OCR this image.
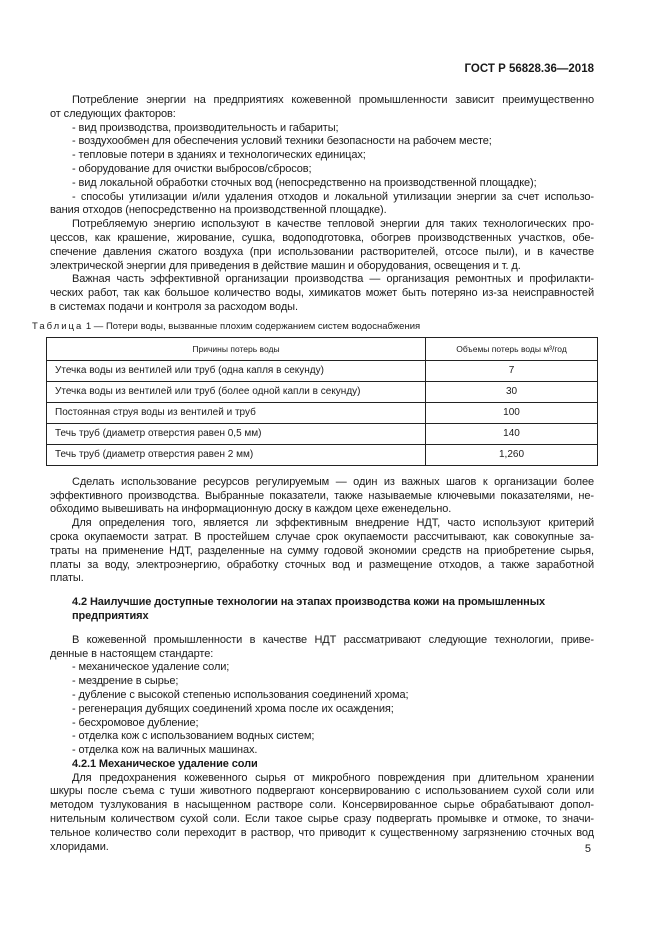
ГОСТ Р 56828.36—2018
Потребление энергии на предприятиях кожевенной промышленности зависит преимущественно
от следующих факторов:
- вид производства, производительность и габариты;
- воздухообмен для обеспечения условий техники безопасности на рабочем месте;
- тепловые потери в зданиях и технологических единицах;
- оборудование для очистки выбросов/сбросов;
- вид локальной обработки сточных вод (непосредственно на производственной площадке);
- способы утилизации и/или удаления отходов и локальной утилизации энергии за счет использо-
вания отходов (непосредственно на производственной площадке).
Потребляемую энергию используют в качестве тепловой энергии для таких технологических про-
цессов, как крашение, жирование, сушка, водоподготовка, обогрев производственных участков, обе-
спечение давления сжатого воздуха (при использовании растворителей, отсосе пыли), и в качестве
электрической энергии для приведения в действие машин и оборудования, освещения и т. д.
Важная часть эффективной организации производства — организация ремонтных и профилакти-
ческих работ, так как большое количество воды, химикатов может быть потеряно из-за неисправностей
в системах подачи и контроля за расходом воды.
Таблица 1 — Потери воды, вызванные плохим содержанием систем водоснабжения
Причины потерь воды	Объемы потерь воды м³/год
Утечка воды из вентилей или труб (одна капля в секунду)	7
Утечка воды из вентилей или труб (более одной капли в секунду)	30
Постоянная струя воды из вентилей и труб	100
Течь труб (диаметр отверстия равен 0,5 мм)	140
Течь труб (диаметр отверстия равен 2 мм)	1,260
Сделать использование ресурсов регулируемым — один из важных шагов к организации более
эффективного производства. Выбранные показатели, также называемые ключевыми показателями, не-
обходимо вывешивать на информационную доску в каждом цехе еженедельно.
Для определения того, является ли эффективным внедрение НДТ, часто используют критерий
срока окупаемости затрат. В простейшем случае срок окупаемости рассчитывают, как совокупные за-
траты на применение НДТ, разделенные на сумму годовой экономии средств на приобретение сырья,
платы за воду, электроэнергию, обработку сточных вод и размещение отходов, а также заработной
платы.
4.2 Наилучшие доступные технологии на этапах производства кожи на промышленных
предприятиях
В кожевенной промышленности в качестве НДТ рассматривают следующие технологии, приве-
денные в настоящем стандарте:
- механическое удаление соли;
- мездрение в сырье;
- дубление с высокой степенью использования соединений хрома;
- регенерация дубящих соединений хрома после их осаждения;
- бесхромовое дубление;
- отделка кож с использованием водных систем;
- отделка кож на валичных машинах.
4.2.1 Механическое удаление соли
Для предохранения кожевенного сырья от микробного повреждения при длительном хранении
шкуры после съема с туши животного подвергают консервированию с использованием сухой соли или
методом тузлукования в насыщенном растворе соли. Консервированное сырье обрабатывают допол-
нительным количеством сухой соли. Если такое сырье сразу подвергать промывке и отмоке, то значи-
тельное количество соли переходит в раствор, что приводит к существенному загрязнению сточных вод
хлоридами.	5
